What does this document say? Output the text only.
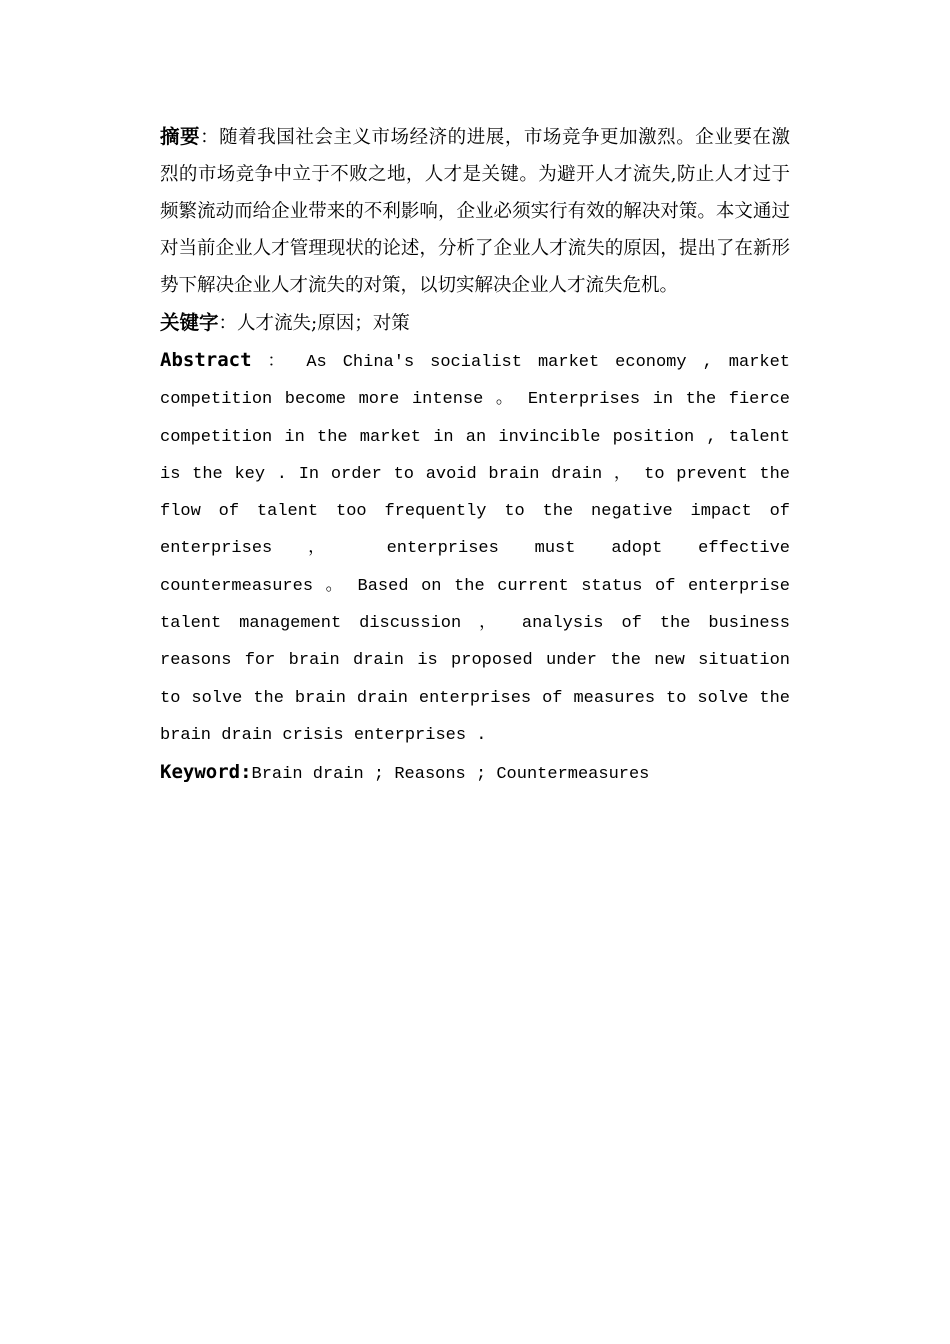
摘要：随着我国社会主义市场经济的进展，市场竞争更加激烈。企业要在激烈的市场竞争中立于不败之地，人才是关键。为避开人才流失,防止人才过于频繁流动而给企业带来的不利影响，企业必须实行有效的解决对策。本文通过对当前企业人才管理现状的论述，分析了企业人才流失的原因，提出了在新形势下解决企业人才流失的对策，以切实解决企业人才流失危机。

关键字：人才流失;原因；对策

Abstract ： As China's socialist market economy , market competition become more intense 。 Enterprises in the fierce competition in the market in an invincible position , talent is the key . In order to avoid brain drain ， to prevent the flow of talent too frequently to the negative impact of enterprises ， enterprises must adopt effective countermeasures 。 Based on the current status of enterprise talent management discussion ， analysis of the business reasons for brain drain is proposed under the new situation to solve the brain drain enterprises of measures to solve the brain drain crisis enterprises .

Keyword:Brain drain ; Reasons ; Countermeasures
